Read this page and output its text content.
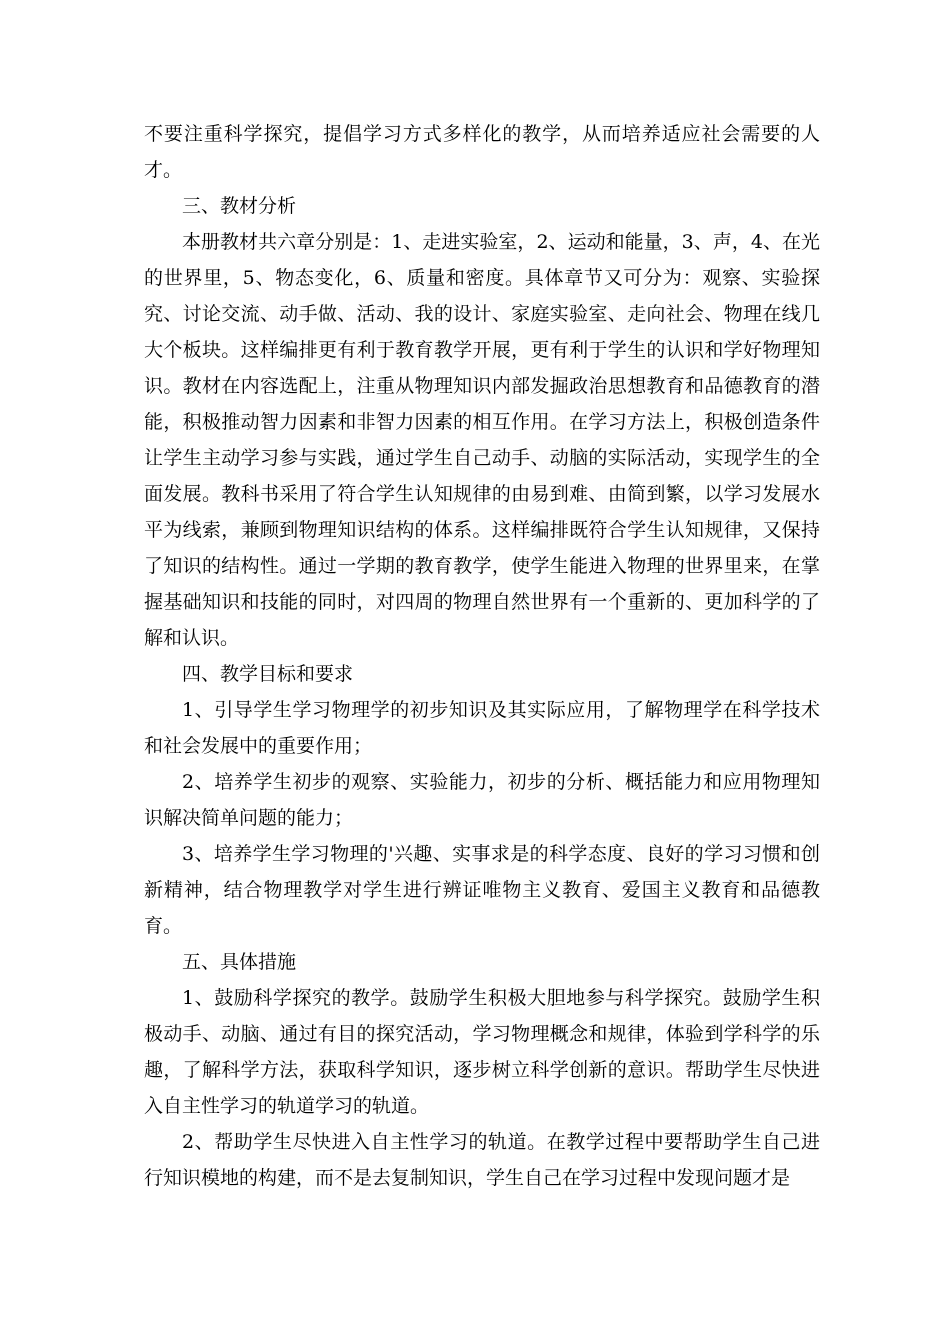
不要注重科学探究，提倡学习方式多样化的教学，从而培养适应社会需要的人才。

三、教材分析

本册教材共六章分别是：1、走进实验室，2、运动和能量，3、声，4、在光的世界里，5、物态变化，6、质量和密度。具体章节又可分为：观察、实验探究、讨论交流、动手做、活动、我的设计、家庭实验室、走向社会、物理在线几大个板块。这样编排更有利于教育教学开展，更有利于学生的认识和学好物理知识。教材在内容选配上，注重从物理知识内部发掘政治思想教育和品德教育的潜能，积极推动智力因素和非智力因素的相互作用。在学习方法上，积极创造条件让学生主动学习参与实践，通过学生自己动手、动脑的实际活动，实现学生的全面发展。教科书采用了符合学生认知规律的由易到难、由简到繁，以学习发展水平为线索，兼顾到物理知识结构的体系。这样编排既符合学生认知规律，又保持了知识的结构性。通过一学期的教育教学，使学生能进入物理的世界里来，在掌握基础知识和技能的同时，对四周的物理自然世界有一个重新的、更加科学的了解和认识。

四、教学目标和要求

1、引导学生学习物理学的初步知识及其实际应用，了解物理学在科学技术和社会发展中的重要作用；

2、培养学生初步的观察、实验能力，初步的分析、概括能力和应用物理知识解决简单问题的能力；

3、培养学生学习物理的'兴趣、实事求是的科学态度、良好的学习习惯和创新精神，结合物理教学对学生进行辨证唯物主义教育、爱国主义教育和品德教育。

五、具体措施

1、鼓励科学探究的教学。鼓励学生积极大胆地参与科学探究。鼓励学生积极动手、动脑、通过有目的探究活动，学习物理概念和规律，体验到学科学的乐趣，了解科学方法，获取科学知识，逐步树立科学创新的意识。帮助学生尽快进入自主性学习的轨道学习的轨道。

2、帮助学生尽快进入自主性学习的轨道。在教学过程中要帮助学生自己进行知识模地的构建，而不是去复制知识，学生自己在学习过程中发现问题才是
